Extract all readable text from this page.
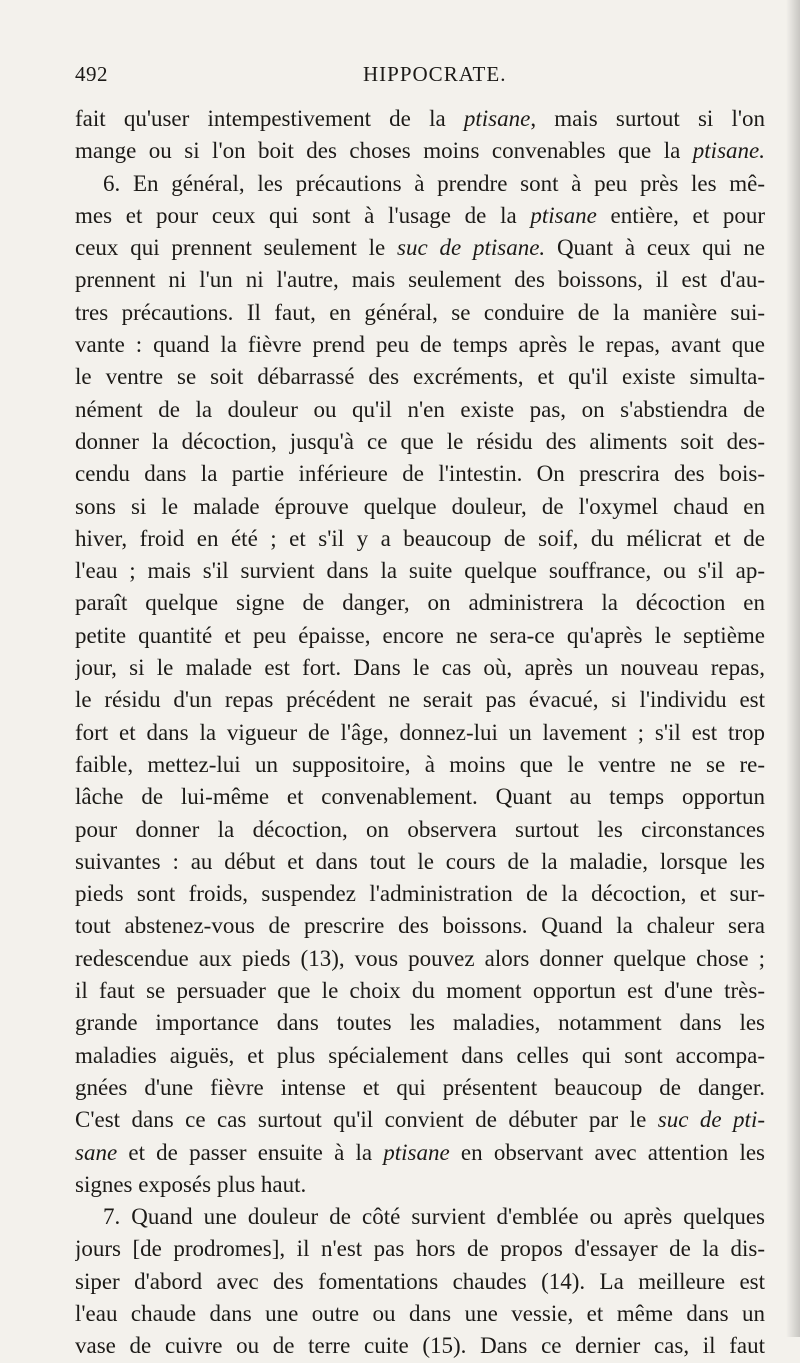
492	HIPPOCRATE.
fait qu'user intempestivement de la ptisane, mais surtout si l'on
mange ou si l'on boit des choses moins convenables que la ptisane.
6. En général, les précautions à prendre sont à peu près les mê-
mes et pour ceux qui sont à l'usage de la ptisane entière, et pour
ceux qui prennent seulement le suc de ptisane. Quant à ceux qui ne
prennent ni l'un ni l'autre, mais seulement des boissons, il est d'au-
tres précautions. Il faut, en général, se conduire de la manière sui-
vante : quand la fièvre prend peu de temps après le repas, avant que
le ventre se soit débarrassé des excréments, et qu'il existe simulta-
nément de la douleur ou qu'il n'en existe pas, on s'abstiendra de
donner la décoction, jusqu'à ce que le résidu des aliments soit des-
cendu dans la partie inférieure de l'intestin. On prescrira des bois-
sons si le malade éprouve quelque douleur, de l'oxymel chaud en
hiver, froid en été ; et s'il y a beaucoup de soif, du mélicrat et de
l'eau ; mais s'il survient dans la suite quelque souffrance, ou s'il ap-
paraît quelque signe de danger, on administrera la décoction en
petite quantité et peu épaisse, encore ne sera-ce qu'après le septième
jour, si le malade est fort. Dans le cas où, après un nouveau repas,
le résidu d'un repas précédent ne serait pas évacué, si l'individu est
fort et dans la vigueur de l'âge, donnez-lui un lavement ; s'il est trop
faible, mettez-lui un suppositoire, à moins que le ventre ne se re-
lâche de lui-même et convenablement. Quant au temps opportun
pour donner la décoction, on observera surtout les circonstances
suivantes : au début et dans tout le cours de la maladie, lorsque les
pieds sont froids, suspendez l'administration de la décoction, et sur-
tout abstenez-vous de prescrire des boissons. Quand la chaleur sera
redescendue aux pieds (13), vous pouvez alors donner quelque chose ;
il faut se persuader que le choix du moment opportun est d'une très-
grande importance dans toutes les maladies, notamment dans les
maladies aiguës, et plus spécialement dans celles qui sont accompa-
gnées d'une fièvre intense et qui présentent beaucoup de danger.
C'est dans ce cas surtout qu'il convient de débuter par le suc de pti-
sane et de passer ensuite à la ptisane en observant avec attention les
signes exposés plus haut.
7. Quand une douleur de côté survient d'emblée ou après quelques
jours [de prodromes], il n'est pas hors de propos d'essayer de la dis-
siper d'abord avec des fomentations chaudes (14). La meilleure est
l'eau chaude dans une outre ou dans une vessie, et même dans un
vase de cuivre ou de terre cuite (15). Dans ce dernier cas, il faut
